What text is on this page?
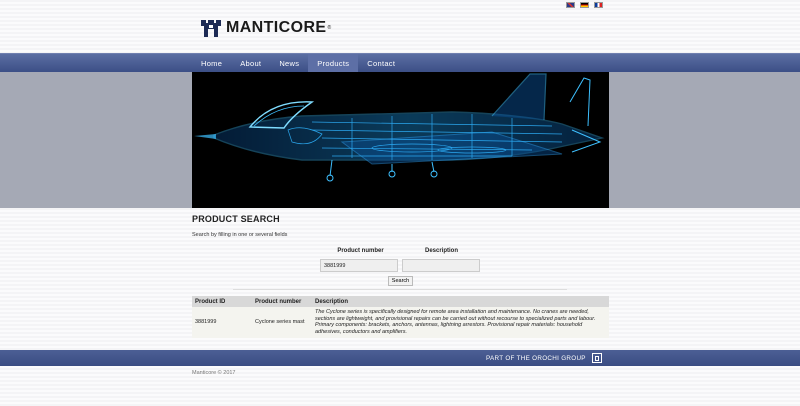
MANTICORE ®
Home	About	News	Products	Contact
PRODUCT SEARCH
Search by filling in one or several fields
Product number	Description
3881999
Search
Product ID	Product number	Description
3881999	Cyclone series mast	The Cyclone series is specifically designed for remote area installation and maintenance. No cranes are needed, sections are lightweight, and provisional repairs can be carried out without recourse to specialized parts and labour. Primary components: brackets, anchors, antennas, lightning arrestors. Provisional repair materials: household adhesives, conductors and amplifiers.
PART OF THE OROCHI GROUP
Manticore © 2017
